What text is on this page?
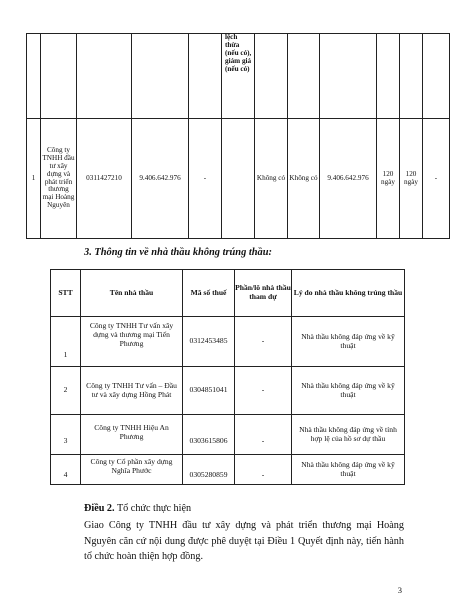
					lệch thừa (nếu có), giảm giá (nếu có)						
1	Công ty TNHH đầu tư xây dựng và phát triển thương mại Hoàng Nguyên	0311427210	9.406.642.976	-		Không có	Không có	9.406.642.976	120 ngày	120 ngày	-
3. Thông tin về nhà thầu không trúng thầu:
STT	Tên nhà thầu	Mã số thuế	Phần/lô nhà thầu tham dự	Lý do nhà thầu không trúng thầu
1	Công ty TNHH Tư vấn xây dựng và thương mại Tiến Phương	0312453485	-	Nhà thầu không đáp ứng về kỹ thuật
2	Công ty TNHH Tư vấn – Đầu tư và xây dựng Hồng Phát	0304851041	-	Nhà thầu không đáp ứng về kỹ thuật
3	Công ty TNHH Hiệu An Phương	0303615806	-	Nhà thầu không đáp ứng về tính hợp lệ của hồ sơ dự thầu
4	Công ty Cổ phần xây dựng Nghĩa Phước	0305280859	-	Nhà thầu không đáp ứng về kỹ thuật
Điều 2. Tổ chức thực hiện

Giao Công ty TNHH đầu tư xây dựng và phát triển thương mại Hoàng Nguyên căn cứ nội dung được phê duyệt tại Điều 1 Quyết định này, tiến hành tổ chức hoàn thiện hợp đồng.

3
